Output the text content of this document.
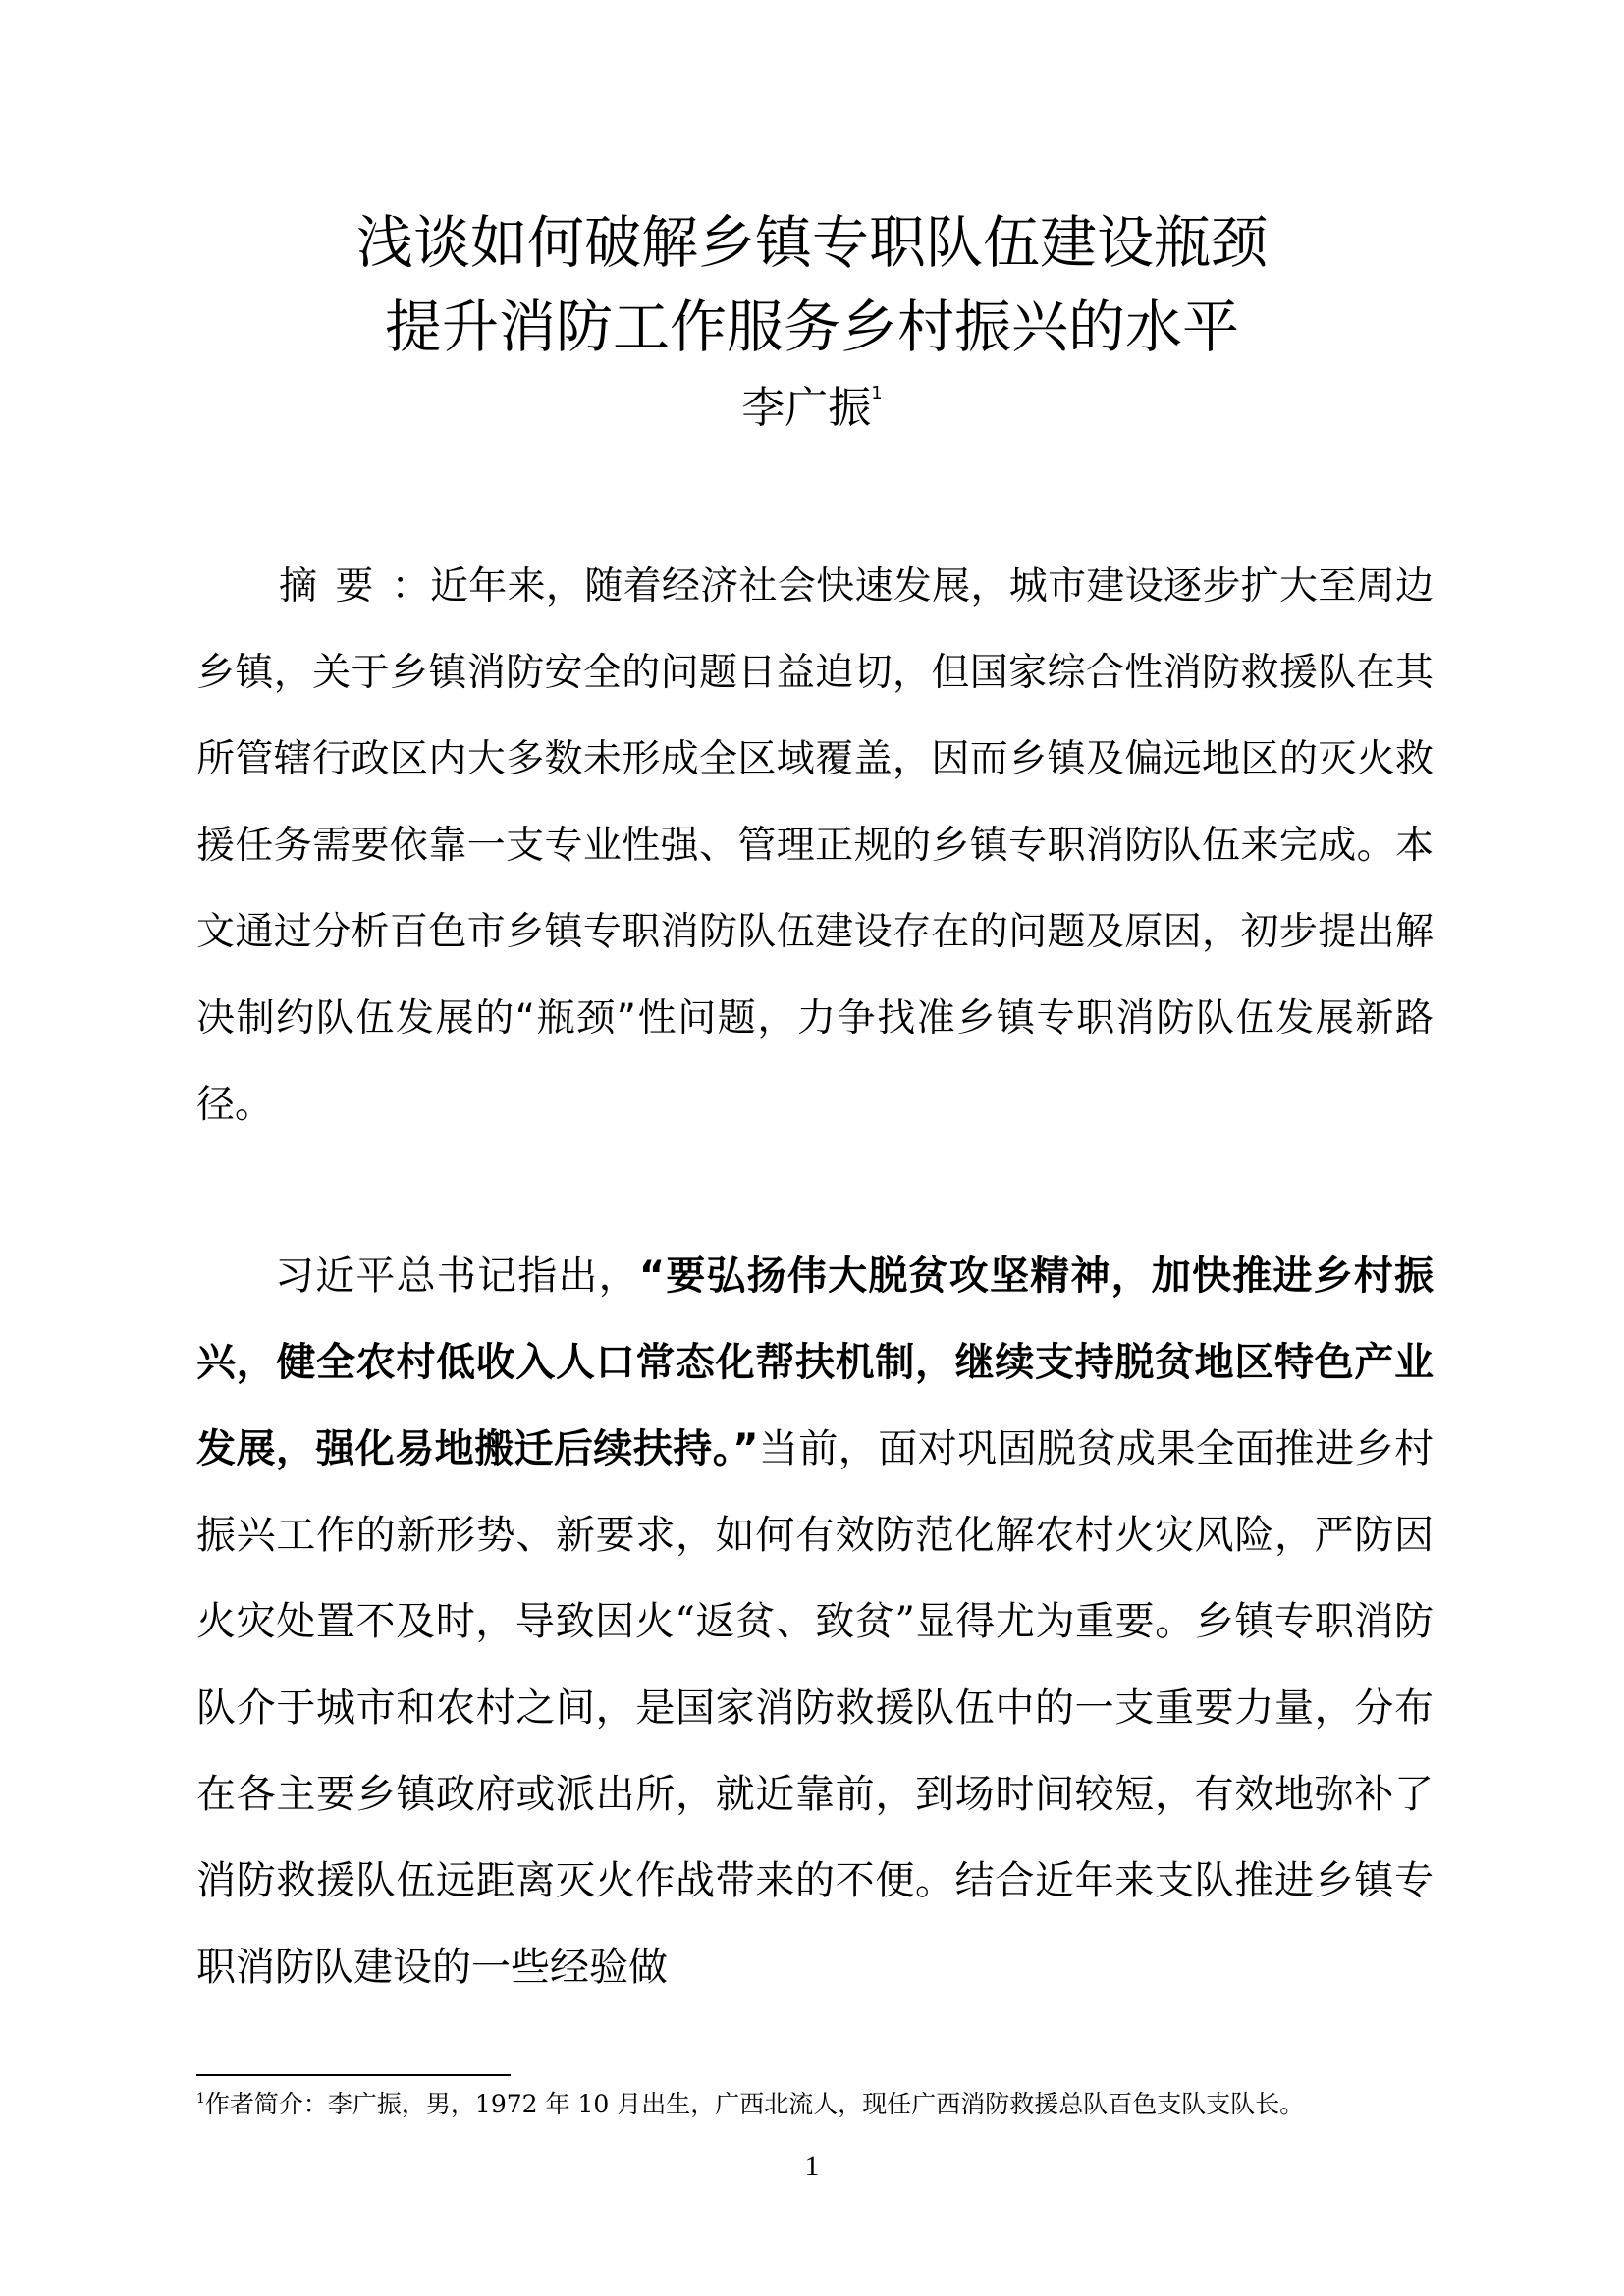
浅谈如何破解乡镇专职队伍建设瓶颈
提升消防工作服务乡村振兴的水平
李广振$^1$

摘要：近年来，随着经济社会快速发展，城市建设逐步扩大至周边乡镇，关于乡镇消防安全的问题日益迫切，但国家综合性消防救援队在其所管辖行政区内大多数未形成全区域覆盖，因而乡镇及偏远地区的灭火救援任务需要依靠一支专业性强、管理正规的乡镇专职消防队伍来完成。本文通过分析百色市乡镇专职消防队伍建设存在的问题及原因，初步提出解决制约队伍发展的“瓶颈”性问题，力争找准乡镇专职消防队伍发展新路径。

习近平总书记指出，“要弘扬伟大脱贫攻坚精神，加快推进乡村振兴，健全农村低收入人口常态化帮扶机制，继续支持脱贫地区特色产业发展，强化易地搬迁后续扶持。”当前，面对巩固脱贫成果全面推进乡村振兴工作的新形势、新要求，如何有效防范化解农村火灾风险，严防因火灾处置不及时，导致因火“返贫、致贫”显得尤为重要。乡镇专职消防队介于城市和农村之间，是国家消防救援队伍中的一支重要力量，分布在各主要乡镇政府或派出所，就近靠前，到场时间较短，有效地弥补了消防救援队伍远距离灭火作战带来的不便。结合近年来支队推进乡镇专职消防队建设的一些经验做

$^1$作者简介：李广振，男，1972 年 10 月出生，广西北流人，现任广西消防救援总队百色支队支队长。
1
